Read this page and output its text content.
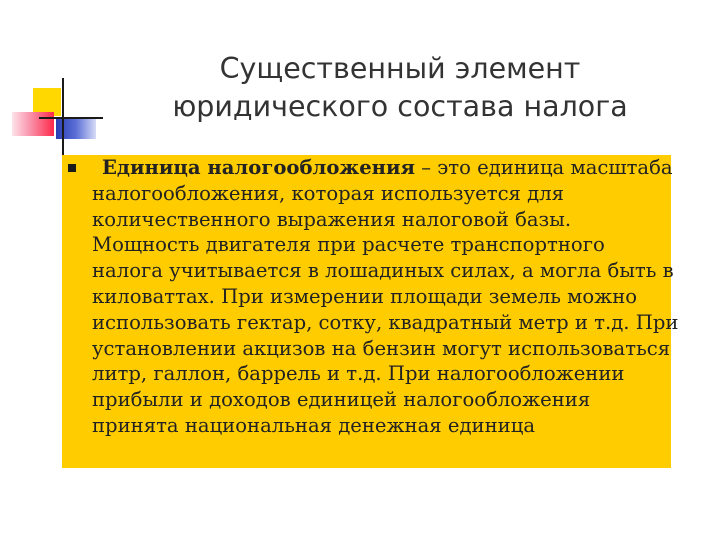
Существенный элемент
юридического состава налога

Единица налогообложения – это единица масштаба
налогообложения, которая используется для
количественного выражения налоговой базы.
Мощность двигателя при расчете транспортного
налога учитывается в лошадиных силах, а могла быть в
киловаттах. При измерении площади земель можно
использовать гектар, сотку, квадратный метр и т.д. При
установлении акцизов на бензин могут использоваться
литр, галлон, баррель и т.д. При налогообложении
прибыли и доходов единицей налогообложения
принята национальная денежная единица
